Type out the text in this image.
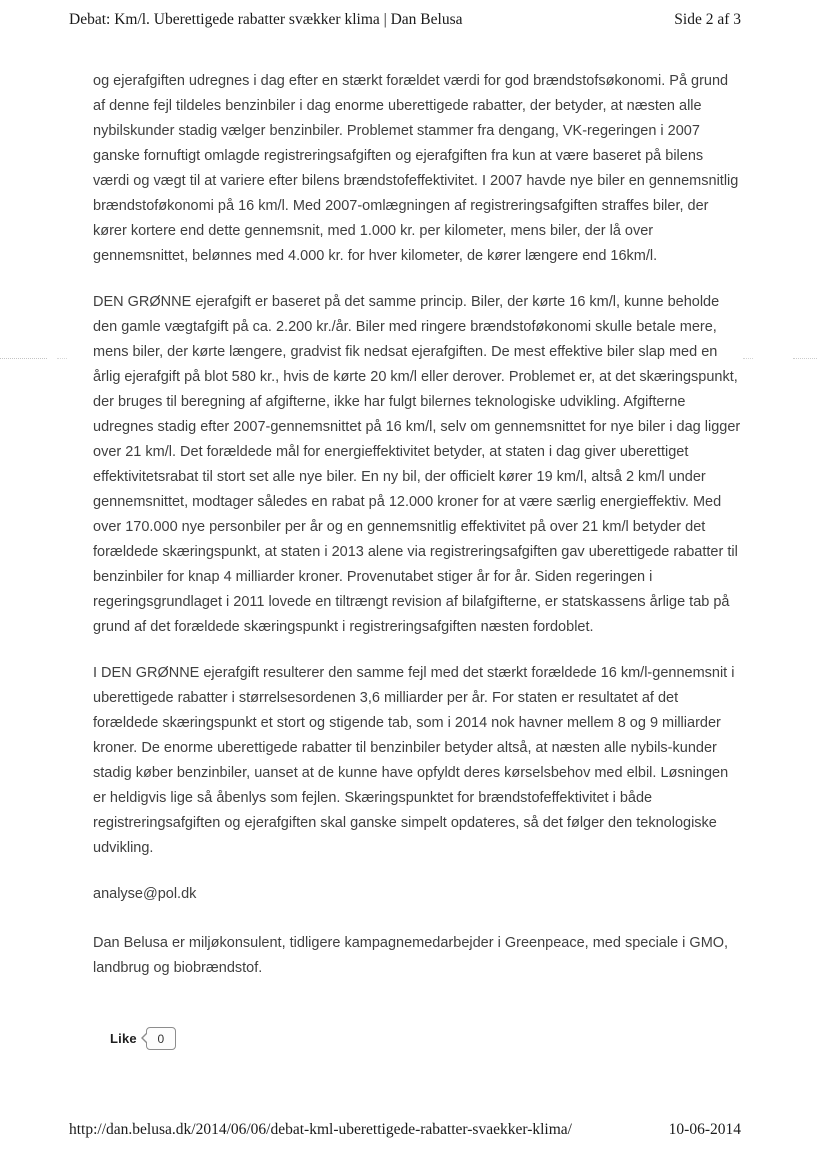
Debat: Km/l. Uberettigede rabatter svækker klima | Dan Belusa	Side 2 af 3

og ejerafgiften udregnes i dag efter en stærkt forældet værdi for god brændstofsøkonomi. På grund af denne fejl tildeles benzinbiler i dag enorme uberettigede rabatter, der betyder, at næsten alle nybilskunder stadig vælger benzinbiler. Problemet stammer fra dengang, VK-regeringen i 2007 ganske fornuftigt omlagde registreringsafgiften og ejerafgiften fra kun at være baseret på bilens værdi og vægt til at variere efter bilens brændstofeffektivitet. I 2007 havde nye biler en gennemsnitlig brændstoføkonomi på 16 km/l. Med 2007-omlægningen af registreringsafgiften straffes biler, der kører kortere end dette gennemsnit, med 1.000 kr. per kilometer, mens biler, der lå over gennemsnittet, belønnes med 4.000 kr. for hver kilometer, de kører længere end 16km/l.

DEN GRØNNE ejerafgift er baseret på det samme princip. Biler, der kørte 16 km/l, kunne beholde den gamle vægtafgift på ca. 2.200 kr./år. Biler med ringere brændstoføkonomi skulle betale mere, mens biler, der kørte længere, gradvist fik nedsat ejerafgiften. De mest effektive biler slap med en årlig ejerafgift på blot 580 kr., hvis de kørte 20 km/l eller derover. Problemet er, at det skæringspunkt, der bruges til beregning af afgifterne, ikke har fulgt bilernes teknologiske udvikling. Afgifterne udregnes stadig efter 2007-gennemsnittet på 16 km/l, selv om gennemsnittet for nye biler i dag ligger over 21 km/l. Det forældede mål for energieffektivitet betyder, at staten i dag giver uberettiget effektivitetsrabat til stort set alle nye biler. En ny bil, der officielt kører 19 km/l, altså 2 km/l under gennemsnittet, modtager således en rabat på 12.000 kroner for at være særlig energieffektiv. Med over 170.000 nye personbiler per år og en gennemsnitlig effektivitet på over 21 km/l betyder det forældede skæringspunkt, at staten i 2013 alene via registreringsafgiften gav uberettigede rabatter til benzinbiler for knap 4 milliarder kroner. Provenutabet stiger år for år. Siden regeringen i regeringsgrundlaget i 2011 lovede en tiltrængt revision af bilafgifterne, er statskassens årlige tab på grund af det forældede skæringspunkt i registreringsafgiften næsten fordoblet.

I DEN GRØNNE ejerafgift resulterer den samme fejl med det stærkt forældede 16 km/l-gennemsnit i uberettigede rabatter i størrelsesordenen 3,6 milliarder per år. For staten er resultatet af det forældede skæringspunkt et stort og stigende tab, som i 2014 nok havner mellem 8 og 9 milliarder kroner. De enorme uberettigede rabatter til benzinbiler betyder altså, at næsten alle nybils-kunder stadig køber benzinbiler, uanset at de kunne have opfyldt deres kørselsbehov med elbil. Løsningen er heldigvis lige så åbenlys som fejlen. Skæringspunktet for brændstofeffektivitet i både registreringsafgiften og ejerafgiften skal ganske simpelt opdateres, så det følger den teknologiske udvikling.

analyse@pol.dk

Dan Belusa er miljøkonsulent, tidligere kampagnemedarbejder i Greenpeace, med speciale i GMO, landbrug og biobrændstof.

Like	0
http://dan.belusa.dk/2014/06/06/debat-kml-uberettigede-rabatter-svaekker-klima/	10-06-2014
